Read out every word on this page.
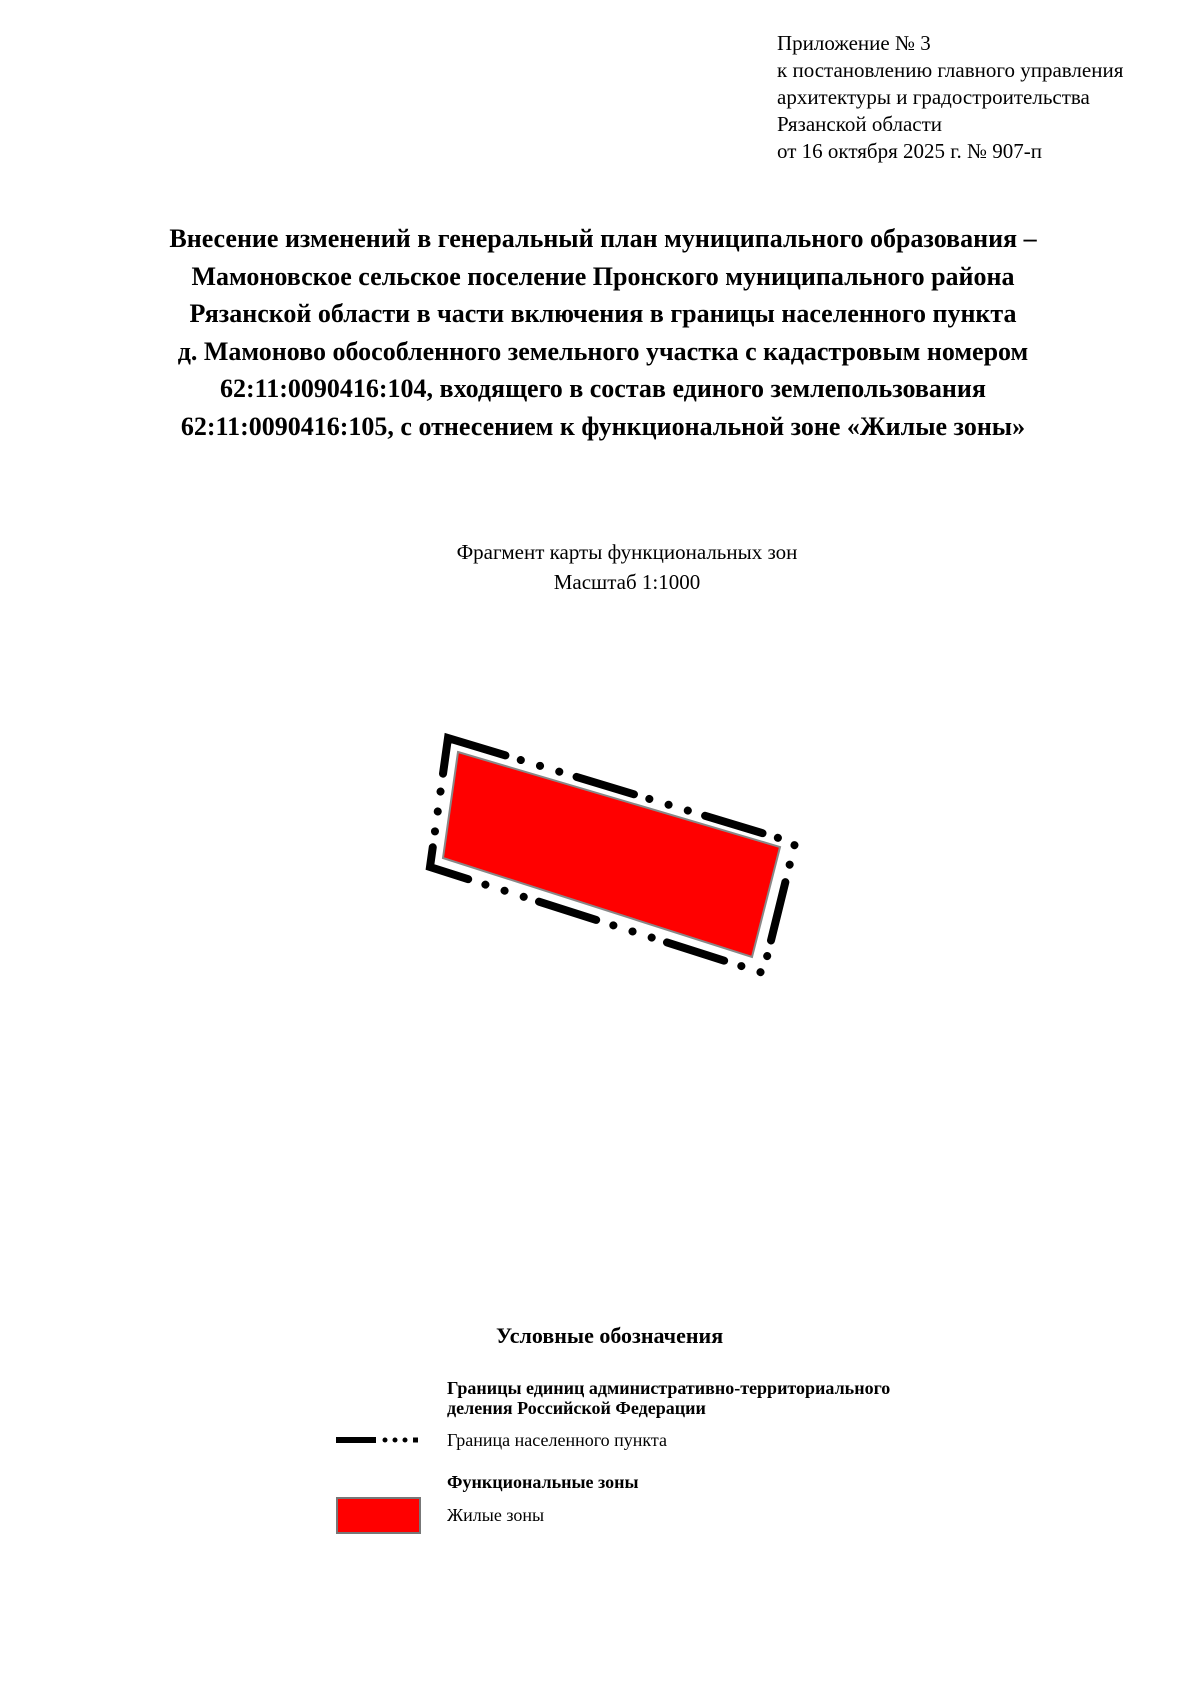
Приложение № 3
к постановлению главного управления
архитектуры и градостроительства
Рязанской области
от 16 октября 2025 г. № 907-п
Внесение изменений в генеральный план муниципального образования –
Мамоновское сельское поселение Пронского муниципального района
Рязанской области в части включения в границы населенного пункта
д. Мамоново обособленного земельного участка с кадастровым номером
62:11:0090416:104, входящего в состав единого землепользования
62:11:0090416:105, с отнесением к функциональной зоне «Жилые зоны»
Фрагмент карты функциональных зон
Масштаб 1:1000
Условные обозначения
Границы единиц административно-территориального
деления Российской Федерации
Граница населенного пункта
Функциональные зоны
Жилые зоны
